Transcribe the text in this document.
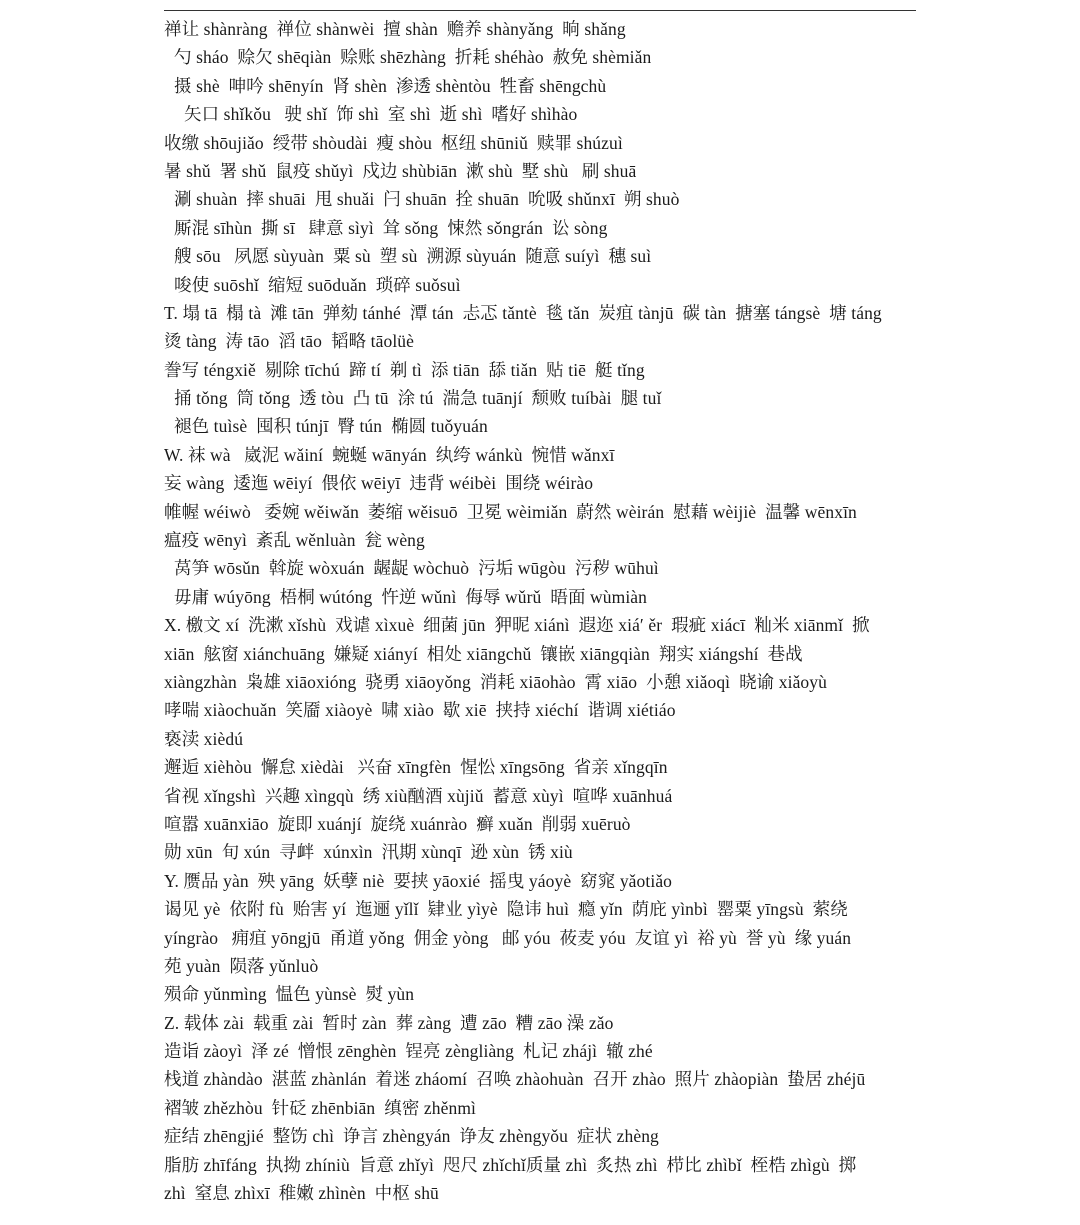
禅让 shànràng  禅位 shànwèi  擅 shàn  赡养 shànyǎng  晌 shǎng
勺 sháo  赊欠 shēqiàn  赊账 shēzhàng  折耗 shéhào  赦免 shèmiǎn
摄 shè  呻吟 shēnyín  肾 shèn  渗透 shèntòu  牲畜 shēngchù
矢口 shǐkǒu   驶 shǐ  饰 shì  室 shì  逝 shì  嗜好 shìhào
收缴 shōujiǎo  绶带 shòudài  瘦 shòu  枢纽 shūniǔ  赎罪 shúzuì
暑 shǔ  署 shǔ  鼠疫 shǔyì  戍边 shùbiān  漱 shù  墅 shù   刷 shuā
涮 shuàn  摔 shuāi  甩 shuǎi  闩 shuān  拴 shuān  吮吸 shǔnxī  朔 shuò
厮混 sīhùn  撕 sī   肆意 sìyì  耸 sǒng  悚然 sǒngrán  讼 sòng
艘 sōu   夙愿 sùyuàn  粟 sù  塑 sù  溯源 sùyuán  随意 suíyì  穗 suì
唆使 suōshǐ  缩短 suōduǎn  琐碎 suǒsuì
T. 塌 tā  榻 tà  滩 tān  弹劾 tánhé  潭 tán  忐忑 tǎntè  毯 tǎn  炭疽 tànjū  碳 tàn  搪塞 tángsè  塘 táng
烫 tàng  涛 tāo  滔 tāo  韬略 tāolüè
誊写 téngxiě  剔除 tīchú  蹄 tí  剃 tì  添 tiān  舔 tiǎn  贴 tiē  艇 tǐng
捅 tǒng  筒 tǒng  透 tòu  凸 tū  涂 tú  湍急 tuānjí  颓败 tuíbài  腿 tuǐ
褪色 tuìsè  囤积 túnjī  臀 tún  椭圆 tuǒyuán
W. 袜 wà   崴泥 wǎiní  蜿蜒 wānyán  纨绔 wánkù  惋惜 wǎnxī
妄 wàng  逶迤 wēiyí  偎依 wēiyī  违背 wéibèi  围绕 wéirào
帷幄 wéiwò   委婉 wěiwǎn  萎缩 wěisuō  卫冕 wèimiǎn  蔚然 wèirán  慰藉 wèijiè  温馨 wēnxīn
瘟疫 wēnyì  紊乱 wěnluàn  瓮 wèng
莴笋 wōsǔn  斡旋 wòxuán  龌龊 wòchuò  污垢 wūgòu  污秽 wūhuì
毋庸 wúyōng  梧桐 wútóng  忤逆 wǔnì  侮辱 wǔrǔ  晤面 wùmiàn
X. 檄文 xí  洗漱 xǐshù  戏谑 xìxuè  细菌 jūn  狎昵 xiánì  遐迩 xiá′ ěr  瑕疵 xiácī  籼米 xiānmǐ  掀
xiān  舷窗 xiánchuāng  嫌疑 xiányí  相处 xiāngchǔ  镶嵌 xiāngqiàn  翔实 xiángshí  巷战
xiàngzhàn  枭雄 xiāoxióng  骁勇 xiāoyǒng  消耗 xiāohào  霄 xiāo  小憩 xiǎoqì  晓谕 xiǎoyù
哮喘 xiàochuǎn  笑靥 xiàoyè  啸 xiào  歇 xiē  挟持 xiéchí  谐调 xiétiáo
亵渎 xièdú
邂逅 xièhòu  懈怠 xièdài   兴奋 xīngfèn  惺忪 xīngsōng  省亲 xǐngqīn
省视 xǐngshì  兴趣 xìngqù  绣 xiù酗酒 xùjiǔ  蓄意 xùyì  喧哗 xuānhuá
喧嚣 xuānxiāo  旋即 xuánjí  旋绕 xuánrào  癣 xuǎn  削弱 xuēruò
勋 xūn  旬 xún  寻衅  xúnxìn  汛期 xùnqī  逊 xùn  锈 xiù
Y. 赝品 yàn  殃 yāng  妖孽 niè  要挟 yāoxié  摇曳 yáoyè  窈窕 yǎotiǎo
谒见 yè  依附 fù  贻害 yí  迤逦 yǐlǐ  肄业 yìyè  隐讳 huì  瘾 yǐn  荫庇 yìnbì  罂粟 yīngsù  萦绕
yíngrào   痈疽 yōngjū  甬道 yǒng  佣金 yòng   邮 yóu  莜麦 yóu  友谊 yì  裕 yù  誉 yù  缘 yuán
苑 yuàn  陨落 yǔnluò
殒命 yǔnmìng  愠色 yùnsè  熨 yùn
Z. 载体 zài  载重 zài  暂时 zàn  葬 zàng  遭 zāo  糟 zāo 澡 zǎo
造诣 zàoyì  泽 zé  憎恨 zēnghèn  锃亮 zèngliàng  札记 zhájì  辙 zhé
栈道 zhàndào  湛蓝 zhànlán  着迷 zháomí  召唤 zhàohuàn  召开 zhào  照片 zhàopiàn  蛰居 zhéjū
褶皱 zhězhòu  针砭 zhēnbiān  缜密 zhěnmì
症结 zhēngjié  整饬 chì  诤言 zhèngyán  诤友 zhèngyǒu  症状 zhèng
脂肪 zhīfáng  执拗 zhíniù  旨意 zhǐyì  咫尺 zhǐchǐ质量 zhì  炙热 zhì  栉比 zhìbǐ  桎梏 zhìgù  掷
zhì  窒息 zhìxī  稚嫩 zhìnèn  中枢 shū
